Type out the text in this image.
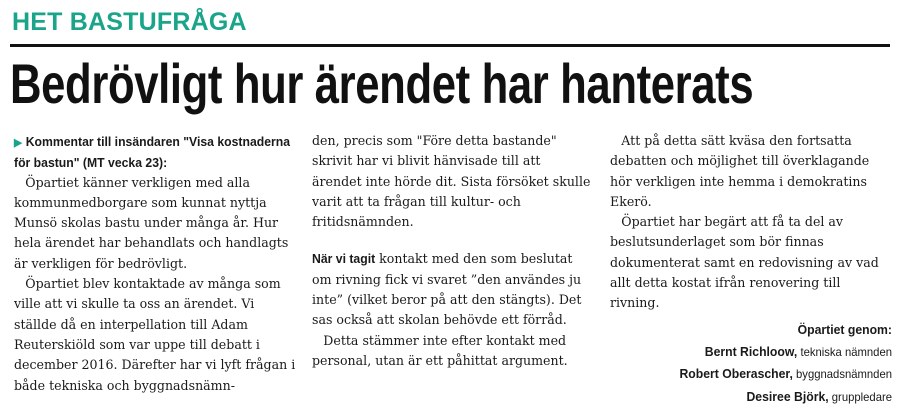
HET BASTUFRÅGA
Bedrövligt hur ärendet har hanterats

▶ Kommentar till insändaren "Visa kostnaderna för bastun" (MT vecka 23):

Öpartiet känner verkligen med alla kommunmedborgare som kunnat nyttja Munsö skolas bastu under många år. Hur hela ärendet har behandlats och handlagts är verkligen för bedrövligt.

Öpartiet blev kontaktade av många som ville att vi skulle ta oss an ärendet. Vi ställde då en interpellation till Adam Reuterskiöld som var uppe till debatt i december 2016. Därefter har vi lyft frågan i både tekniska och byggnadsnämn-

den, precis som "Före detta bastande" skrivit har vi blivit hänvisade till att ärendet inte hörde dit. Sista försöket skulle varit att ta frågan till kultur- och fritidsnämnden.

När vi tagit kontakt med den som beslutat om rivning fick vi svaret ”den användes ju inte” (vilket beror på att den stängts). Det sas också att skolan behövde ett förråd.

Detta stämmer inte efter kontakt med personal, utan är ett påhittat argument.

Att på detta sätt kväsa den fortsatta debatten och möjlighet till överklagande hör verkligen inte hemma i demokratins Ekerö.

Öpartiet har begärt att få ta del av beslutsunderlaget som bör finnas dokumenterat samt en redovisning av vad allt detta kostat ifrån renovering till rivning.

Öpartiet genom:
Bernt Richloow, tekniska nämnden
Robert Oberascher, byggnadsnämnden
Desiree Björk, gruppledare
